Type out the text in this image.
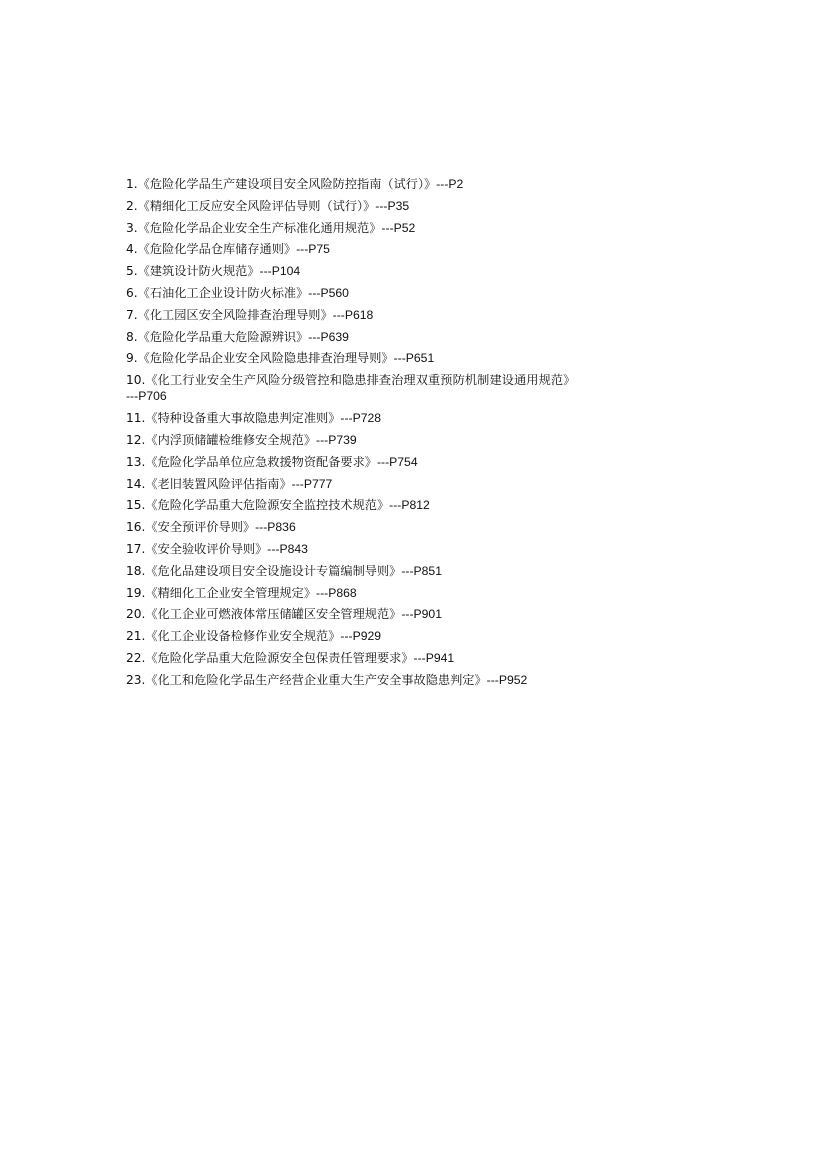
1.《危险化学品生产建设项目安全风险防控指南（试行）》---P2
2.《精细化工反应安全风险评估导则（试行）》---P35
3.《危险化学品企业安全生产标准化通用规范》---P52
4.《危险化学品仓库储存通则》---P75
5.《建筑设计防火规范》---P104
6.《石油化工企业设计防火标准》---P560
7.《化工园区安全风险排查治理导则》---P618
8.《危险化学品重大危险源辨识》---P639
9.《危险化学品企业安全风险隐患排查治理导则》---P651
10.《化工行业安全生产风险分级管控和隐患排查治理双重预防机制建设通用规范》
---P706
11.《特种设备重大事故隐患判定准则》---P728
12.《内浮顶储罐检维修安全规范》---P739
13.《危险化学品单位应急救援物资配备要求》---P754
14.《老旧装置风险评估指南》---P777
15.《危险化学品重大危险源安全监控技术规范》---P812
16.《安全预评价导则》---P836
17.《安全验收评价导则》---P843
18.《危化品建设项目安全设施设计专篇编制导则》---P851
19.《精细化工企业安全管理规定》---P868
20.《化工企业可燃液体常压储罐区安全管理规范》---P901
21.《化工企业设备检修作业安全规范》---P929
22.《危险化学品重大危险源安全包保责任管理要求》---P941
23.《化工和危险化学品生产经营企业重大生产安全事故隐患判定》---P952
